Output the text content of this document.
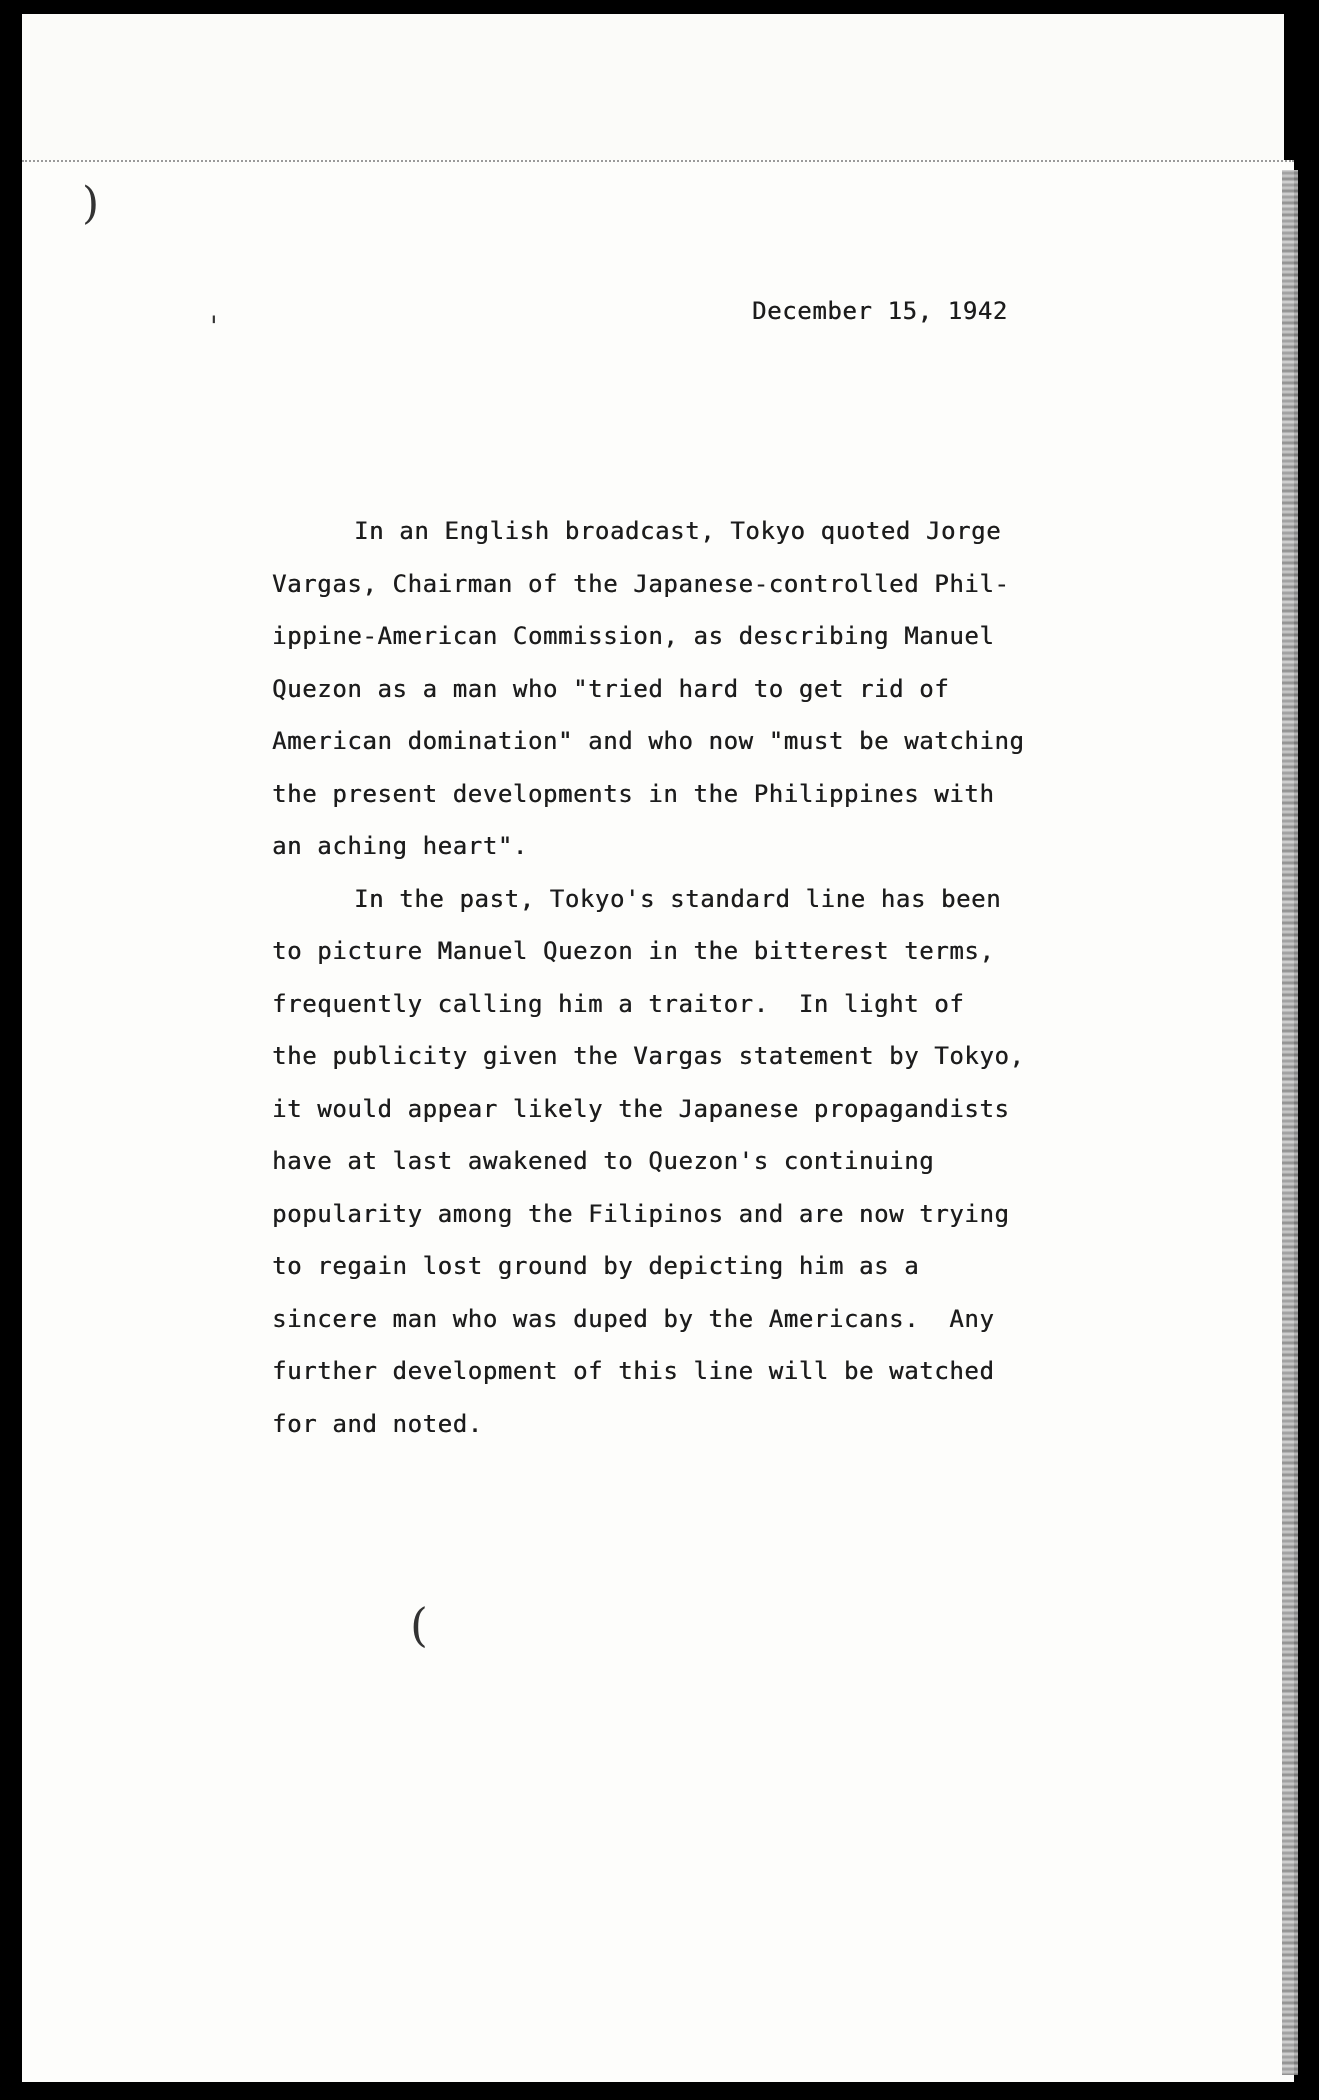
)
'
(
December 15, 1942
In an English broadcast, Tokyo quoted Jorge
Vargas, Chairman of the Japanese-controlled Phil-
ippine-American Commission, as describing Manuel
Quezon as a man who "tried hard to get rid of
American domination" and who now "must be watching
the present developments in the Philippines with
an aching heart".
In the past, Tokyo's standard line has been
to picture Manuel Quezon in the bitterest terms,
frequently calling him a traitor.  In light of
the publicity given the Vargas statement by Tokyo,
it would appear likely the Japanese propagandists
have at last awakened to Quezon's continuing
popularity among the Filipinos and are now trying
to regain lost ground by depicting him as a
sincere man who was duped by the Americans.  Any
further development of this line will be watched
for and noted.
